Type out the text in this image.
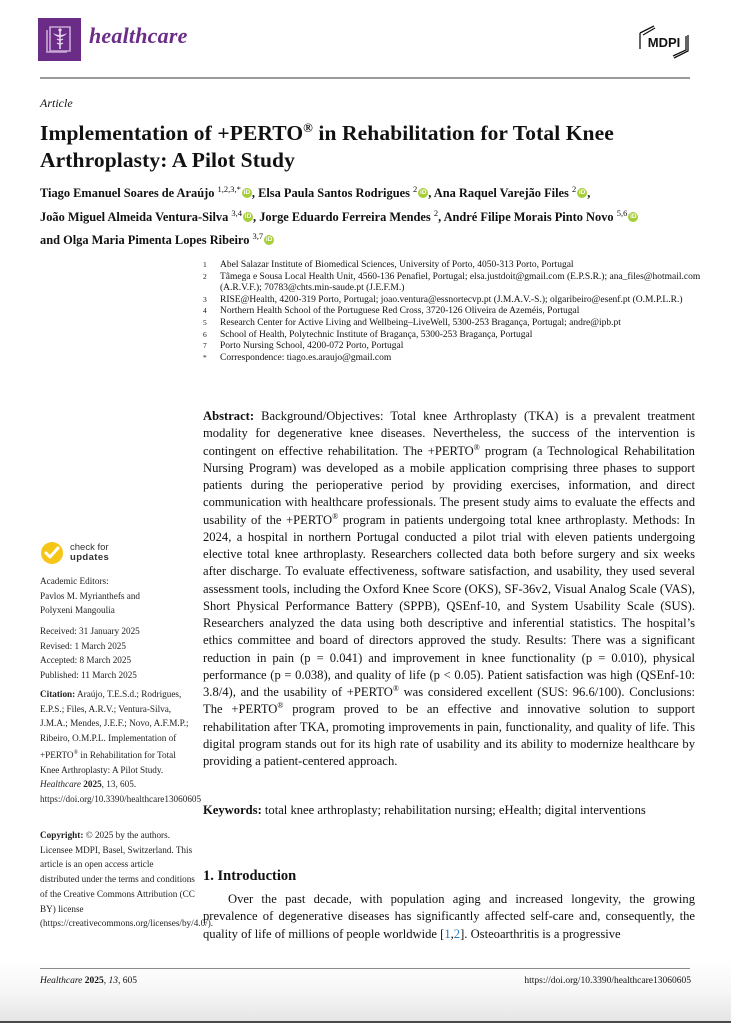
healthcare	MDPI
Article
Implementation of +PERTO® in Rehabilitation for Total Knee Arthroplasty: A Pilot Study
Tiago Emanuel Soares de Araújo $^{1,2,3,*}$ iD , Elsa Paula Santos Rodrigues $^2$ iD , Ana Raquel Varejão Files $^2$ iD ,
João Miguel Almeida Ventura-Silva $^{3,4}$ iD , Jorge Eduardo Ferreira Mendes $^2$, André Filipe Morais Pinto Novo $^{5,6}$ iD
and Olga Maria Pimenta Lopes Ribeiro $^{3,7}$ iD
1	Abel Salazar Institute of Biomedical Sciences, University of Porto, 4050-313 Porto, Portugal
2	Tâmega e Sousa Local Health Unit, 4560-136 Penafiel, Portugal; elsa.justdoit@gmail.com (E.P.S.R.); ana_files@hotmail.com (A.R.V.F.); 70783@chts.min-saude.pt (J.E.F.M.)
3	RISE@Health, 4200-319 Porto, Portugal; joao.ventura@essnortecvp.pt (J.M.A.V.-S.); olgaribeiro@esenf.pt (O.M.P.L.R.)
4	Northern Health School of the Portuguese Red Cross, 3720-126 Oliveira de Azeméis, Portugal
5	Research Center for Active Living and Wellbeing–LiveWell, 5300-253 Bragança, Portugal; andre@ipb.pt
6	School of Health, Polytechnic Institute of Bragança, 5300-253 Bragança, Portugal
7	Porto Nursing School, 4200-072 Porto, Portugal
*	Correspondence: tiago.es.araujo@gmail.com
Abstract: Background/Objectives: Total knee Arthroplasty (TKA) is a prevalent treatment modality for degenerative knee diseases. Nevertheless, the success of the intervention is contingent on effective rehabilitation. The +PERTO® program (a Technological Rehabilitation Nursing Program) was developed as a mobile application comprising three phases to support patients during the perioperative period by providing exercises, information, and direct communication with healthcare professionals. The present study aims to evaluate the effects and usability of the +PERTO® program in patients undergoing total knee arthroplasty. Methods: In 2024, a hospital in northern Portugal conducted a pilot trial with eleven patients undergoing elective total knee arthroplasty. Researchers collected data both before surgery and six weeks after discharge. To evaluate effectiveness, software satisfaction, and usability, they used several assessment tools, including the Oxford Knee Score (OKS), SF-36v2, Visual Analog Scale (VAS), Short Physical Performance Battery (SPPB), QSEnf-10, and System Usability Scale (SUS). Researchers analyzed the data using both descriptive and inferential statistics. The hospital’s ethics committee and board of directors approved the study. Results: There was a significant reduction in pain (p = 0.041) and improvement in knee functionality (p = 0.010), physical performance (p = 0.038), and quality of life (p < 0.05). Patient satisfaction was high (QSEnf-10: 3.8/4), and the usability of +PERTO® was considered excellent (SUS: 96.6/100). Conclusions: The +PERTO® program proved to be an effective and innovative solution to support rehabilitation after TKA, promoting improvements in pain, functionality, and quality of life. This digital program stands out for its high rate of usability and its ability to modernize healthcare by providing a patient-centered approach.
Keywords: total knee arthroplasty; rehabilitation nursing; eHealth; digital interventions
1. Introduction
Over the past decade, with population aging and increased longevity, the growing prevalence of degenerative diseases has significantly affected self-care and, consequently, the quality of life of millions of people worldwide [1,2]. Osteoarthritis is a progressive
check for
updates
Academic Editors:
Pavlos M. Myrianthefs and
Polyxeni Mangoulia
Received: 31 January 2025
Revised: 1 March 2025
Accepted: 8 March 2025
Published: 11 March 2025
Citation: Araújo, T.E.S.d.; Rodrigues, E.P.S.; Files, A.R.V.; Ventura-Silva, J.M.A.; Mendes, J.E.F.; Novo, A.F.M.P.; Ribeiro, O.M.P.L. Implementation of +PERTO® in Rehabilitation for Total Knee Arthroplasty: A Pilot Study. Healthcare 2025, 13, 605. https://doi.org/10.3390/healthcare13060605
Copyright: © 2025 by the authors. Licensee MDPI, Basel, Switzerland. This article is an open access article distributed under the terms and conditions of the Creative Commons Attribution (CC BY) license (https://creativecommons.org/licenses/by/4.0/).
Healthcare 2025, 13, 605	https://doi.org/10.3390/healthcare13060605
